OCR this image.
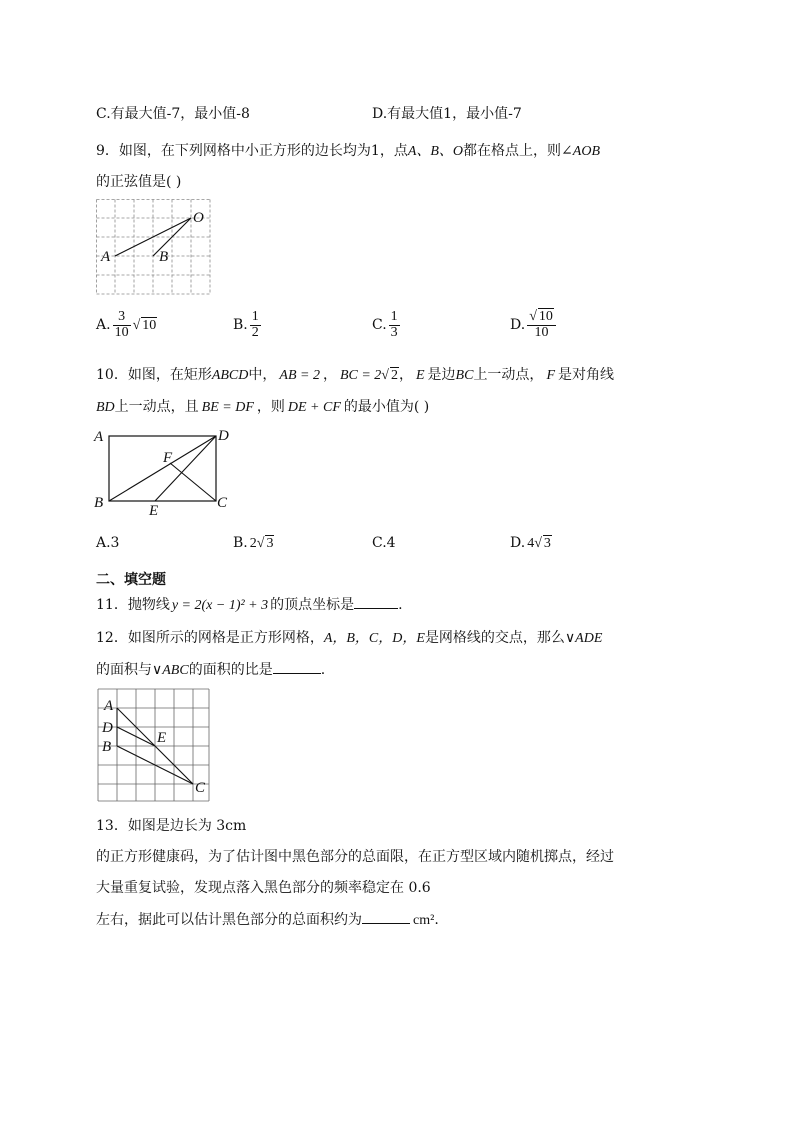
C.有最大值-7，最小值-8	D.有最大值1，最小值-7
9．如图，在下列网格中小正方形的边长均为1，点A、B、O都在格点上，则∠AOB
的正弦值是( )
A	B
O
A. $\frac{3}{10}$ √ 10	B. $\frac{1}{2}$	C. $\frac{1}{3}$	D. $\frac{√ 10}{10}$
10．如图，在矩形ABCD中， AB = 2 ， BC = 2√ 2， E 是边BC上一动点， F 是对角线
BD上一动点，且 BE = DF ，则 DE + CF 的最小值为( )
A	D
B	C
E
F
A.3	B. 2√ 3	C.4	D. 4√ 3
二、填空题
11．抛物线 y = 2(x − 1)² + 3 的顶点坐标是	.
12．如图所示的网格是正方形网格，A，B，C，D，E是网格线的交点，那么∨ADE
的面积与∨ABC的面积的比是	.
A
D
B
E
C
13．如图是边长为 3cm
的正方形健康码，为了估计图中黑色部分的总面限，在正方型区域内随机掷点，经过
大量重复试验，发现点落入黑色部分的频率稳定在 0.6
左右，据此可以估计黑色部分的总面积约为	cm².
